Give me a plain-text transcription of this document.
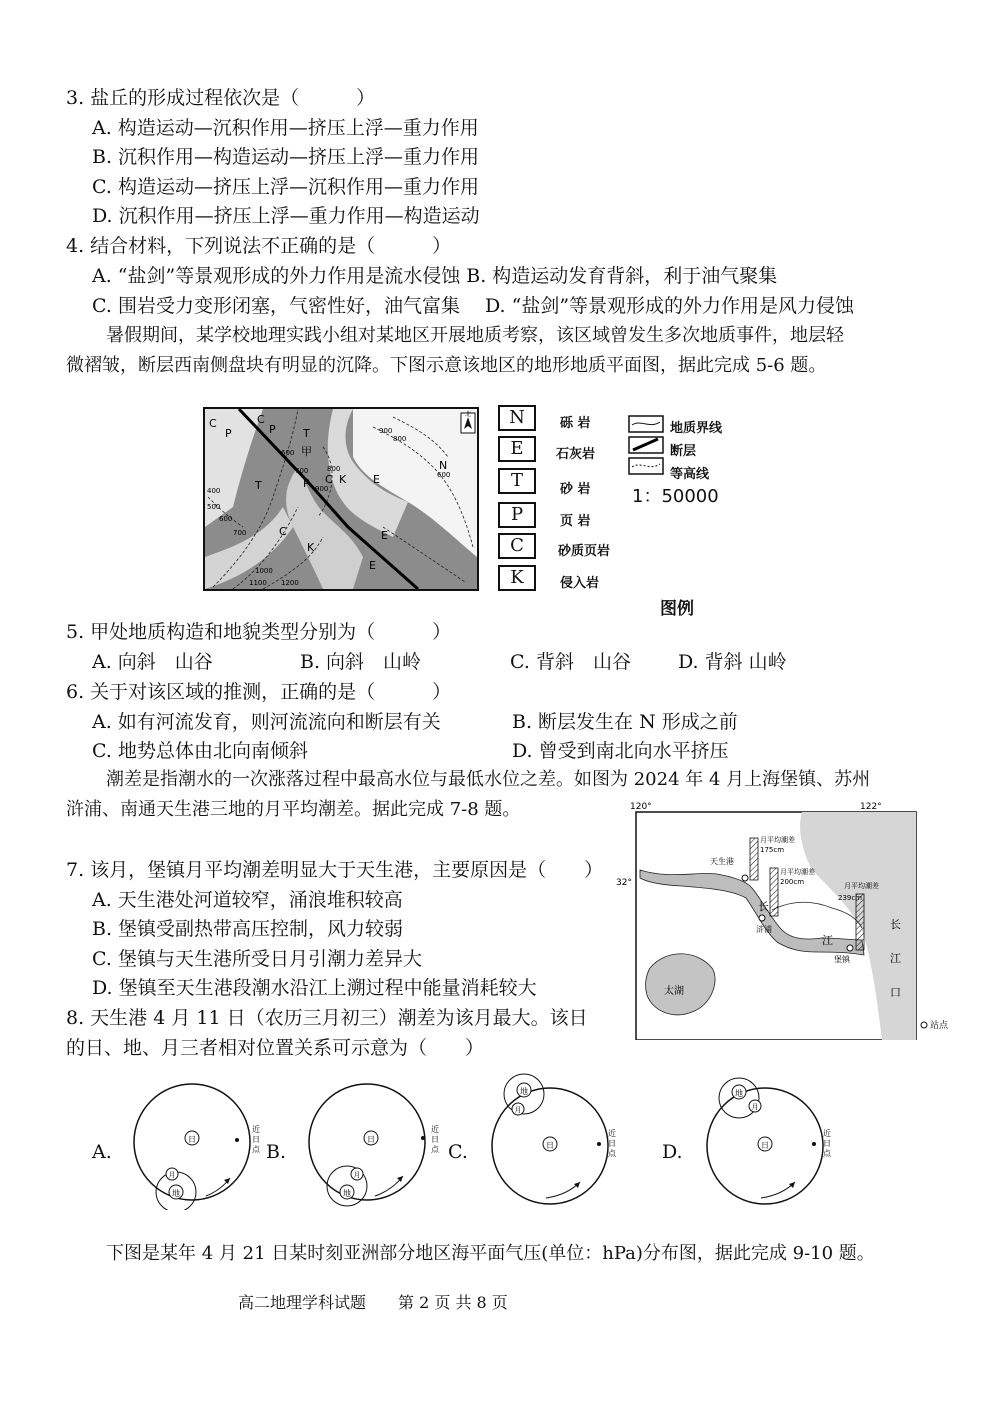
3. 盐丘的形成过程依次是（　　　）
A. 构造运动—沉积作用—挤压上浮—重力作用
B. 沉积作用—构造运动—挤压上浮—重力作用
C. 构造运动—挤压上浮—沉积作用—重力作用
D. 沉积作用—挤压上浮—重力作用—构造运动
4. 结合材料，下列说法不正确的是（　　　）
A. “盐剑”等景观形成的外力作用是流水侵蚀 B. 构造运动发育背斜，利于油气聚集
C. 围岩受力变形闭塞，气密性好，油气富集　 D. “盐剑”等景观形成的外力作用是风力侵蚀
暑假期间，某学校地理实践小组对某地区开展地质考察，该区域曾发生多次地质事件，地层轻
微褶皱，断层西南侧盘块有明显的沉降。下图示意该地区的地形地质平面图，据此完成 5-6 题。
北
C
P
C
P T
甲
N
T	P C K E
C
K
E
E
900
800
600
700	800
900
400
500
600
700
1000
1100 1200
600
N	砾 岩
E	石灰岩
T	砂 岩
P	页 岩
C	砂质页岩
K	侵入岩
地质界线
断层
等高线
1：50000
图例
5. 甲处地质构造和地貌类型分别为（　　　）
A. 向斜　山谷	B. 向斜　山岭	C. 背斜　山谷 D. 背斜 山岭
6. 关于对该区域的推测，正确的是（　　　）
A. 如有河流发育，则河流流向和断层有关	B. 断层发生在 N 形成之前
C. 地势总体由北向南倾斜	D. 曾受到南北向水平挤压
潮差是指潮水的一次涨落过程中最高水位与最低水位之差。如图为 2024 年 4 月上海堡镇、苏州
浒浦、南通天生港三地的月平均潮差。据此完成 7-8 题。	120°	122°
32°
太湖
长
江
长
江
口
天生港
浒浦
堡镇
月平均潮差
175cm
月平均潮差
200cm	月平均潮差
239cm
站点
7. 该月，堡镇月平均潮差明显大于天生港，主要原因是（　　）
A. 天生港处河道较窄，涌浪堆积较高
B. 堡镇受副热带高压控制，风力较弱
C. 堡镇与天生港所受日月引潮力差异大
D. 堡镇至天生港段潮水沿江上溯过程中能量消耗较大
8. 天生港 4 月 11 日（农历三月初三）潮差为该月最大。该日
的日、地、月三者相对位置关系可示意为（　　）
A.
日
近
日
点
地
月
B.
日
近
日
点
地
月
C.	日
近
日
点
地
月
D.	日
近
日
点
地
月
下图是某年 4 月 21 日某时刻亚洲部分地区海平面气压(单位：hPa)分布图，据此完成 9-10 题。
高二地理学科试题 第 2 页 共 8 页
